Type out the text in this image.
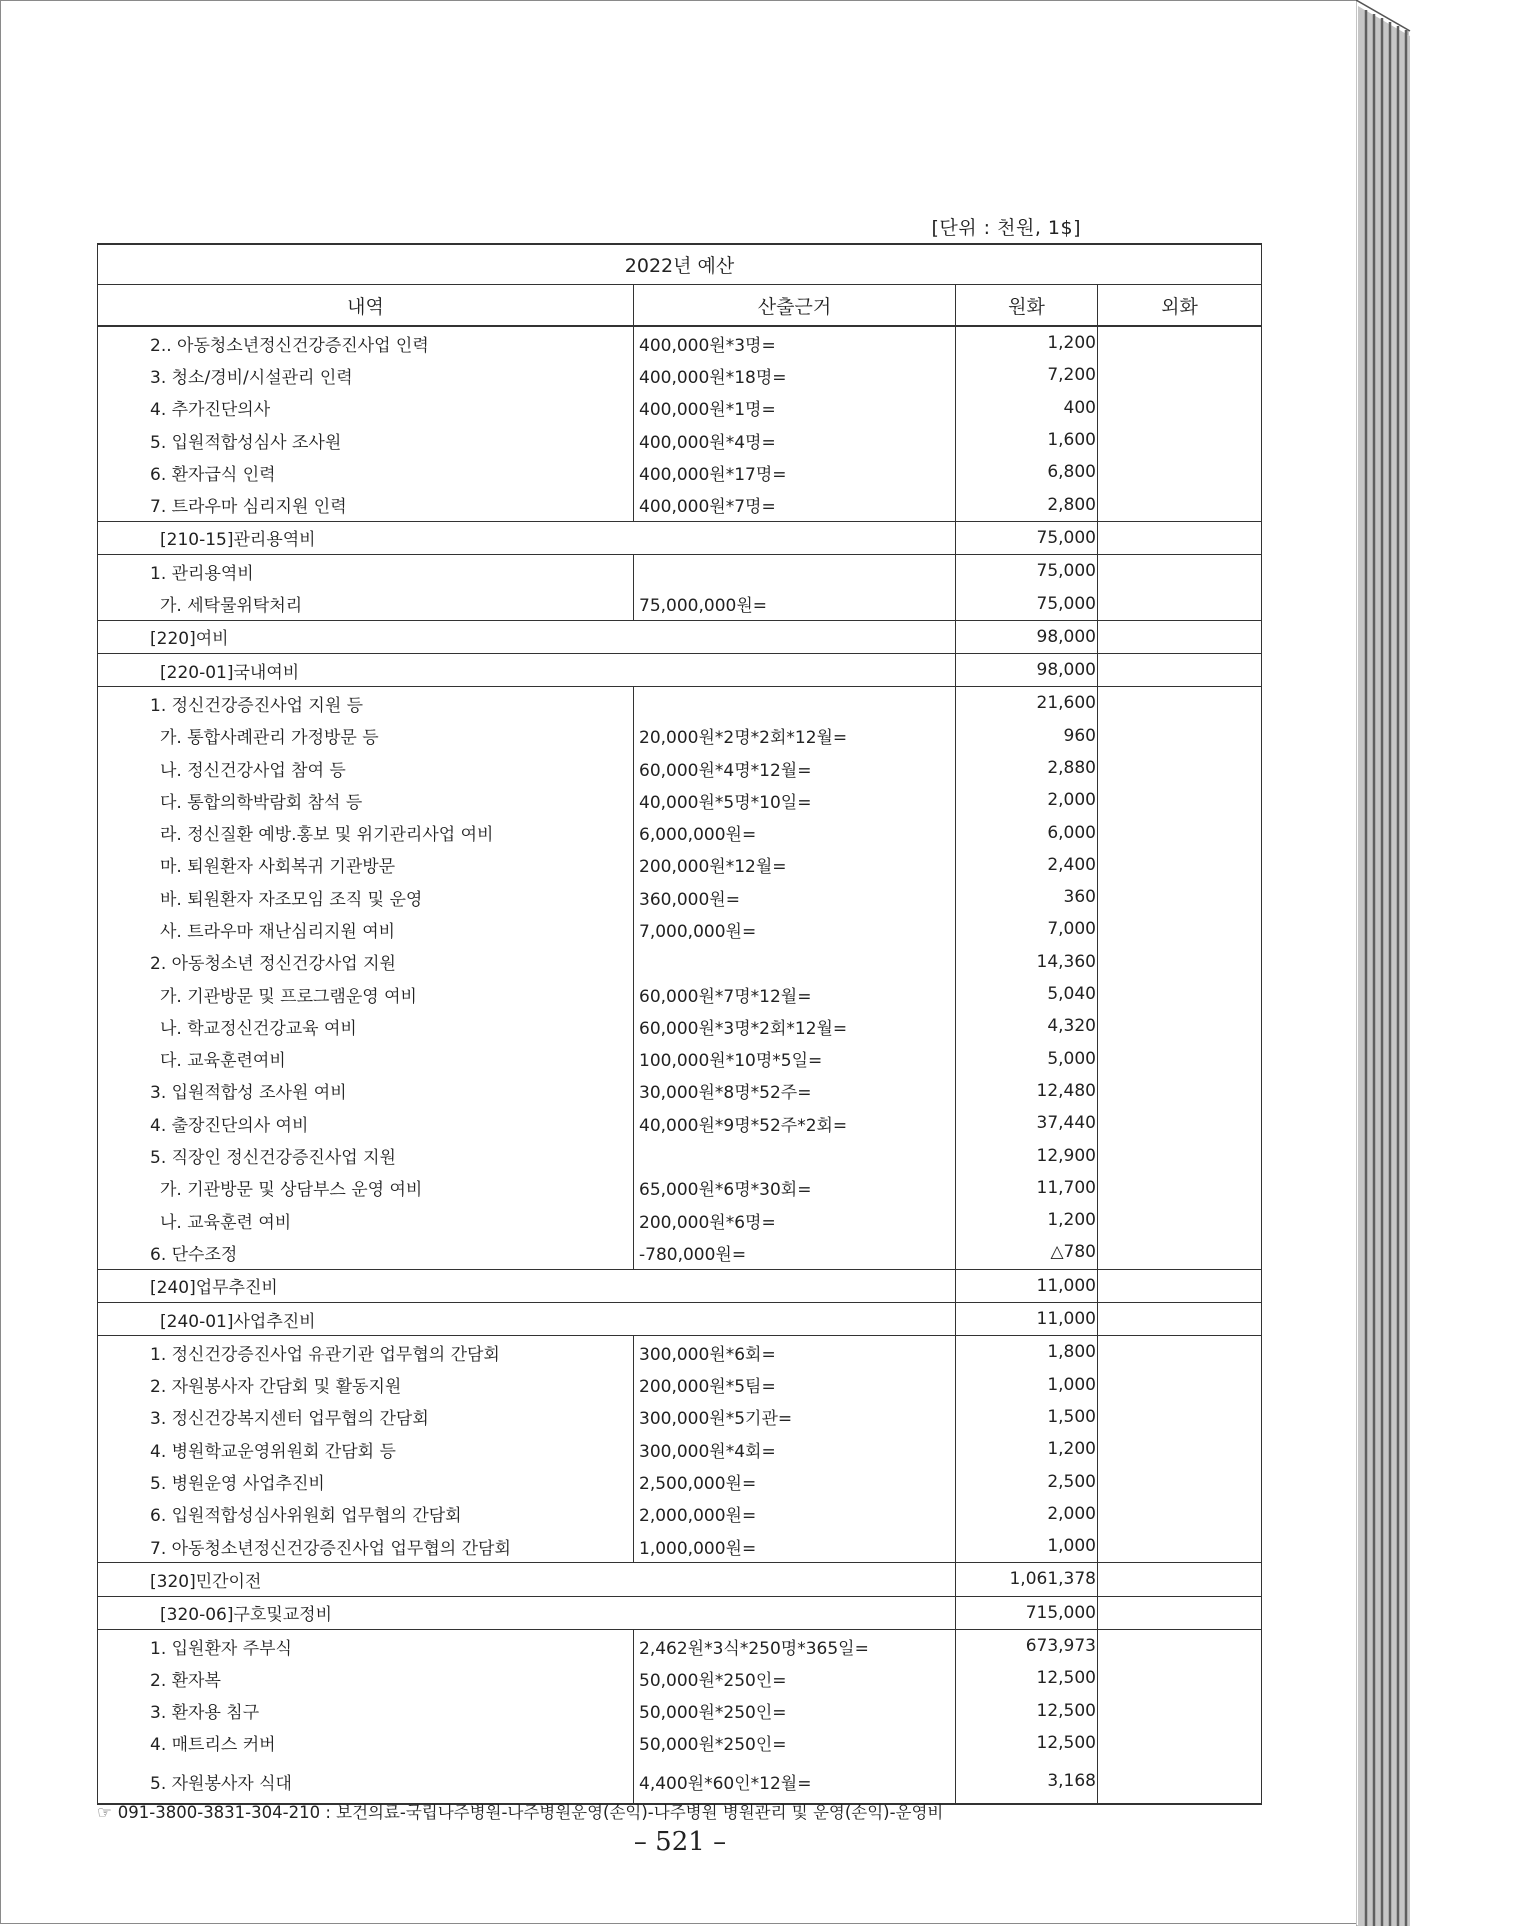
[단위 : 천원, 1$]
2022년 예산			
내역	산출근거	원화	외화
2.. 아동청소년정신건강증진사업 인력	400,000원*3명=	1,200	
3. 청소/경비/시설관리 인력	400,000원*18명=	7,200	
4. 추가진단의사	400,000원*1명=	400	
5. 입원적합성심사 조사원	400,000원*4명=	1,600	
6. 환자급식 인력	400,000원*17명=	6,800	
7. 트라우마 심리지원 인력	400,000원*7명=	2,800	
[210-15]관리용역비		75,000	
1. 관리용역비		75,000	
가. 세탁물위탁처리	75,000,000원=	75,000	
[220]여비		98,000	
[220-01]국내여비		98,000	
1. 정신건강증진사업 지원 등		21,600	
가. 통합사례관리 가정방문 등	20,000원*2명*2회*12월=	960	
나. 정신건강사업 참여 등	60,000원*4명*12월=	2,880	
다. 통합의학박람회 참석 등	40,000원*5명*10일=	2,000	
라. 정신질환 예방.홍보 및 위기관리사업 여비	6,000,000원=	6,000	
마. 퇴원환자 사회복귀 기관방문	200,000원*12월=	2,400	
바. 퇴원환자 자조모임 조직 및 운영	360,000원=	360	
사. 트라우마 재난심리지원 여비	7,000,000원=	7,000	
2. 아동청소년 정신건강사업 지원		14,360	
가. 기관방문 및 프로그램운영 여비	60,000원*7명*12월=	5,040	
나. 학교정신건강교육 여비	60,000원*3명*2회*12월=	4,320	
다. 교육훈련여비	100,000원*10명*5일=	5,000	
3. 입원적합성 조사원 여비	30,000원*8명*52주=	12,480	
4. 출장진단의사 여비	40,000원*9명*52주*2회=	37,440	
5. 직장인 정신건강증진사업 지원		12,900	
가. 기관방문 및 상담부스 운영 여비	65,000원*6명*30회=	11,700	
나. 교육훈련 여비	200,000원*6명=	1,200	
6. 단수조정	-780,000원=	△780	
[240]업무추진비		11,000	
[240-01]사업추진비		11,000	
1. 정신건강증진사업 유관기관 업무협의 간담회	300,000원*6회=	1,800	
2. 자원봉사자 간담회 및 활동지원	200,000원*5팀=	1,000	
3. 정신건강복지센터 업무협의 간담회	300,000원*5기관=	1,500	
4. 병원학교운영위원회 간담회 등	300,000원*4회=	1,200	
5. 병원운영 사업추진비	2,500,000원=	2,500	
6. 입원적합성심사위원회 업무협의 간담회	2,000,000원=	2,000	
7. 아동청소년정신건강증진사업 업무협의 간담회	1,000,000원=	1,000	
[320]민간이전		1,061,378	
[320-06]구호및교정비		715,000	
1. 입원환자 주부식	2,462원*3식*250명*365일=	673,973	
2. 환자복	50,000원*250인=	12,500	
3. 환자용 침구	50,000원*250인=	12,500	
4. 매트리스 커버	50,000원*250인=	12,500	
5. 자원봉사자 식대	4,400원*60인*12월=	3,168	
☞ 091-3800-3831-304-210 : 보건의료-국립나주병원-나주병원운영(손익)-나주병원 병원관리 및 운영(손익)-운영비
– 521 –
